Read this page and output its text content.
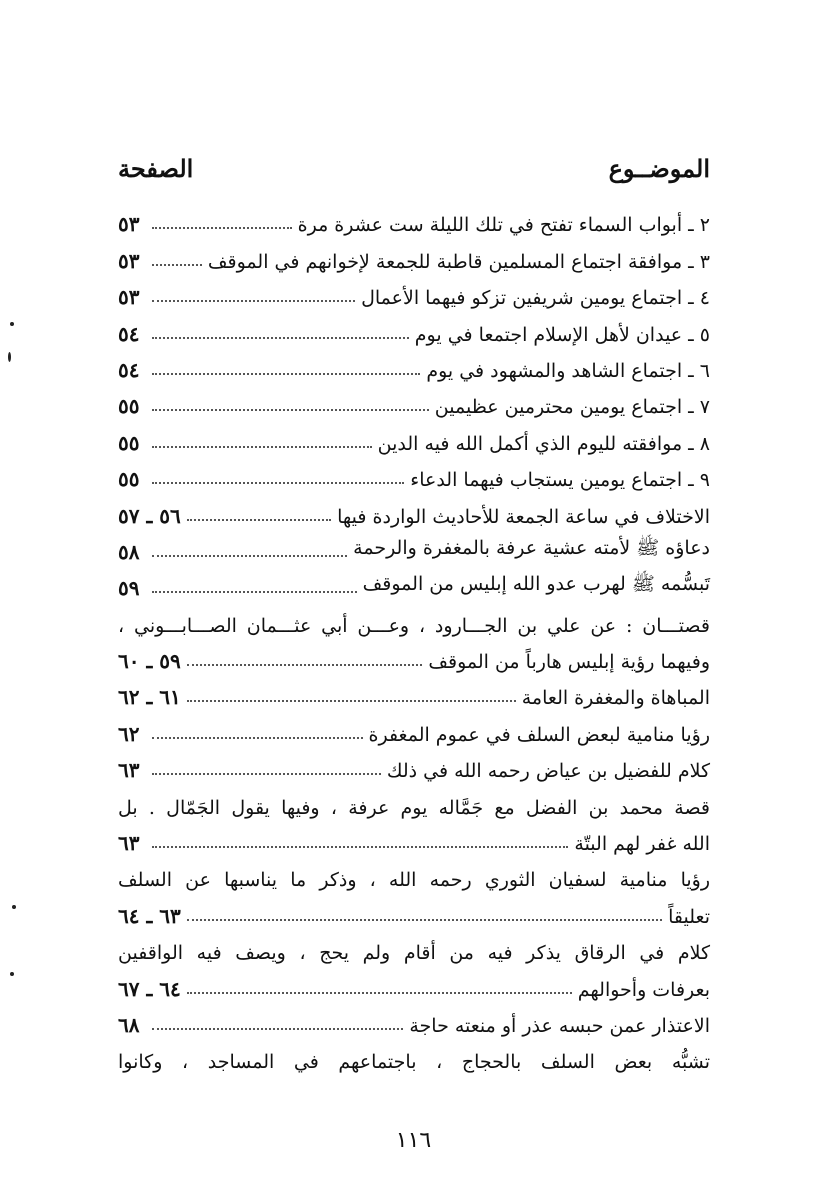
الموضــوع
الصفحة
٢ ـ أبواب السماء تفتح في تلك الليلة ست عشرة مرة
٥٣
٣ ـ موافقة اجتماع المسلمين قاطبة للجمعة لإخوانهم في الموقف
٥٣
٤ ـ اجتماع يومين شريفين تزكو فيهما الأعمال
٥٣
٥ ـ عيدان لأهل الإسلام اجتمعا في يوم
٥٤
٦ ـ اجتماع الشاهد والمشهود في يوم
٥٤
٧ ـ اجتماع يومين محترمين عظيمين
٥٥
٨ ـ موافقته لليوم الذي أكمل الله فيه الدين
٥٥
٩ ـ اجتماع يومين يستجاب فيهما الدعاء
٥٥
الاختلاف في ساعة الجمعة للأحاديث الواردة فيها
٥٦ ـ ٥٧
دعاؤه ﷺ لأمته عشية عرفة بالمغفرة والرحمة
٥٨
تَبسُّمه ﷺ لهرب عدو الله إبليس من الموقف
٥٩
قصتـــان : عن علي بن الجـــارود ، وعـــن أبي عثـــمان الصـــابـــوني ،
وفيهما رؤية إبليس هارباً من الموقف
٥٩ ـ ٦٠
المباهاة والمغفرة العامة
٦١ ـ ٦٢
رؤيا منامية لبعض السلف في عموم المغفرة
٦٢
كلام للفضيل بن عياض رحمه الله في ذلك
٦٣
قصة محمد بن الفضل مع جَمَّاله يوم عرفة ، وفيها يقول الجَمّال . بل
الله غفر لهم البتّة
٦٣
رؤيا منامية لسفيان الثوري رحمه الله ، وذكر ما يناسبها عن السلف
تعليقاً
٦٣ ـ ٦٤
كلام في الرقاق يذكر فيه من أقام ولم يحج ، ويصف فيه الواقفين
بعرفات وأحوالهم
٦٤ ـ ٦٧
الاعتذار عمن حبسه عذر أو منعته حاجة
٦٨
تشبُّه بعض السلف بالحجاج ، باجتماعهم في المساجد ، وكانوا
١١٦
